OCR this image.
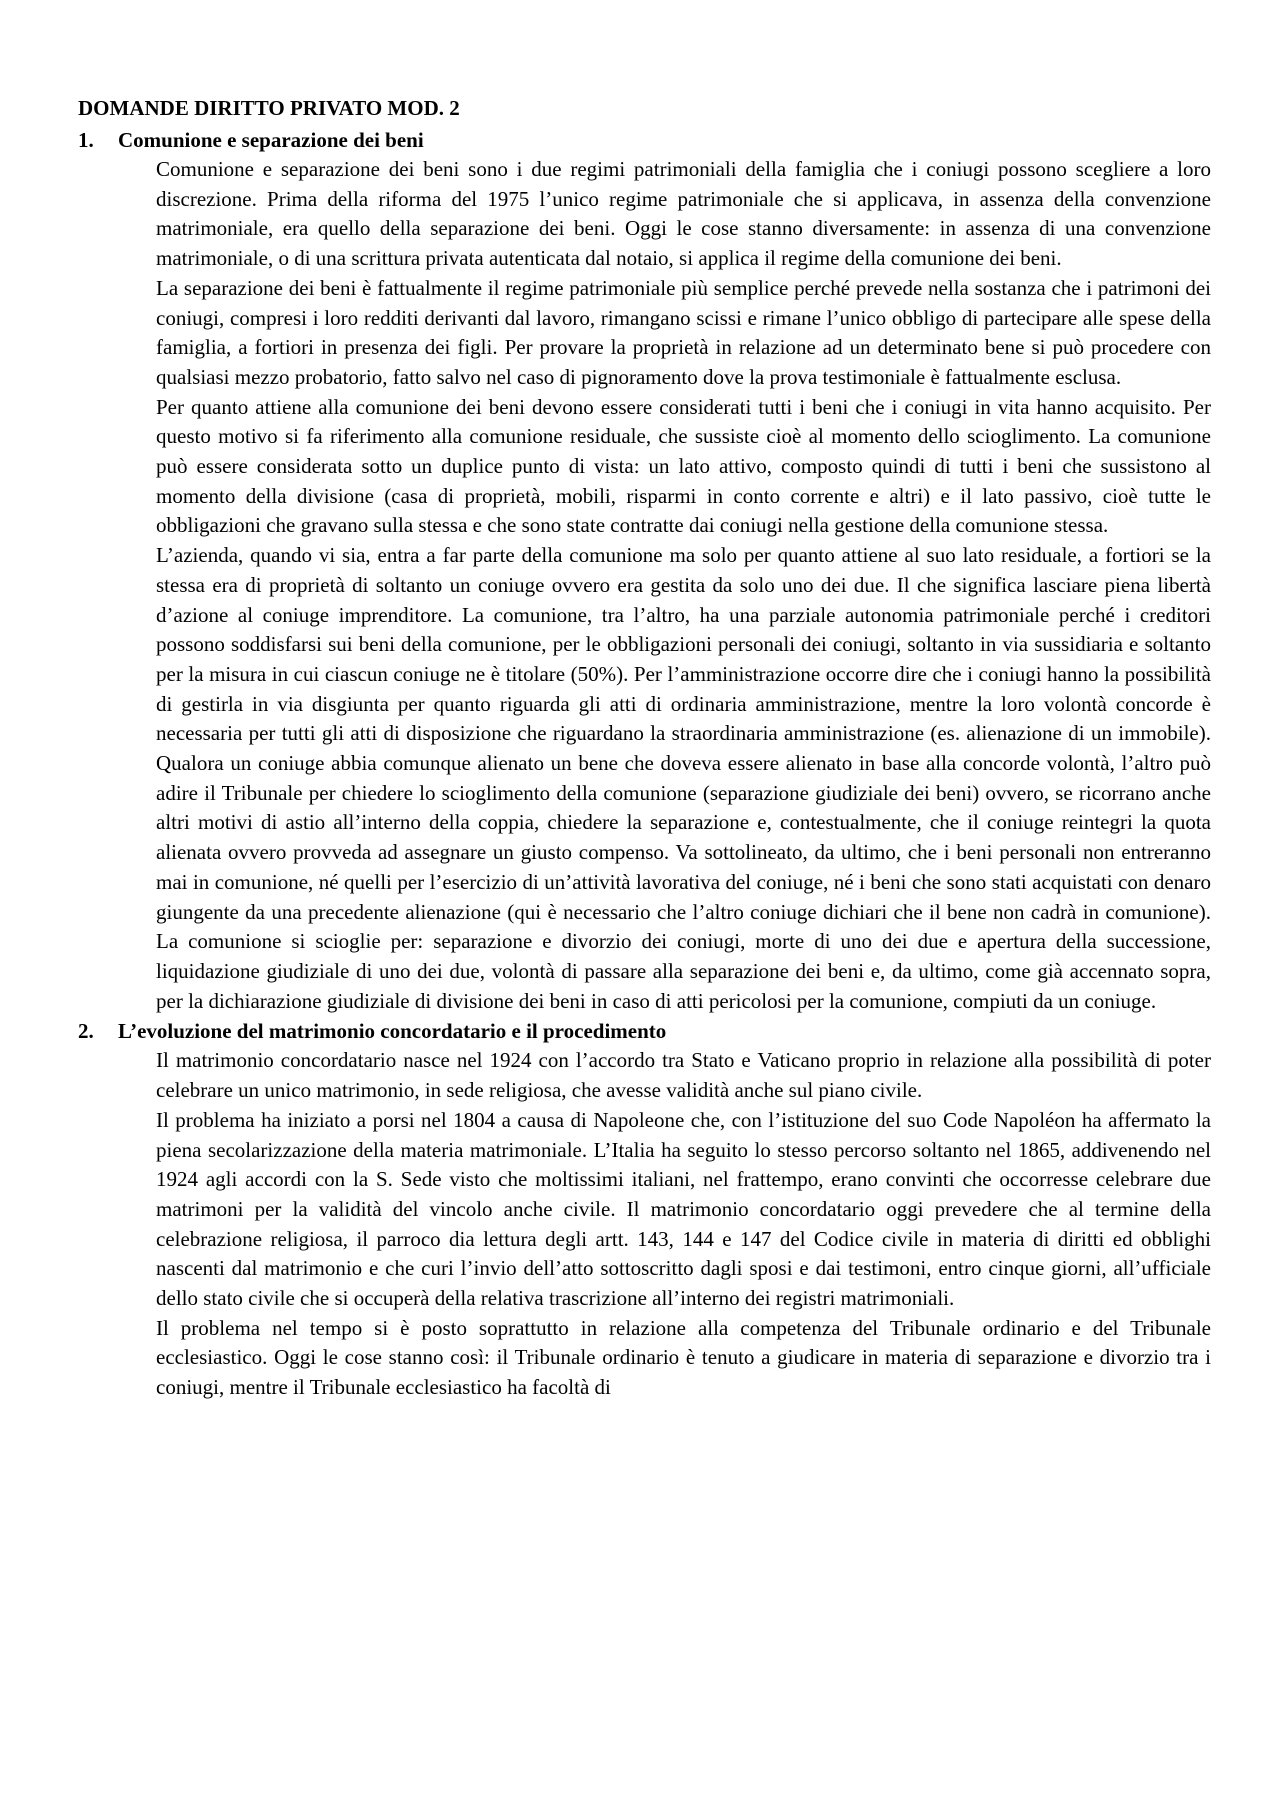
DOMANDE DIRITTO PRIVATO MOD. 2
1.	Comunione e separazione dei beni

Comunione e separazione dei beni sono i due regimi patrimoniali della famiglia che i coniugi possono scegliere a loro discrezione. Prima della riforma del 1975 l’unico regime patrimoniale che si applicava, in assenza della convenzione matrimoniale, era quello della separazione dei beni. Oggi le cose stanno diversamente: in assenza di una convenzione matrimoniale, o di una scrittura privata autenticata dal notaio, si applica il regime della comunione dei beni.

La separazione dei beni è fattualmente il regime patrimoniale più semplice perché prevede nella sostanza che i patrimoni dei coniugi, compresi i loro redditi derivanti dal lavoro, rimangano scissi e rimane l’unico obbligo di partecipare alle spese della famiglia, a fortiori in presenza dei figli. Per provare la proprietà in relazione ad un determinato bene si può procedere con qualsiasi mezzo probatorio, fatto salvo nel caso di pignoramento dove la prova testimoniale è fattualmente esclusa.

Per quanto attiene alla comunione dei beni devono essere considerati tutti i beni che i coniugi in vita hanno acquisito. Per questo motivo si fa riferimento alla comunione residuale, che sussiste cioè al momento dello scioglimento. La comunione può essere considerata sotto un duplice punto di vista: un lato attivo, composto quindi di tutti i beni che sussistono al momento della divisione (casa di proprietà, mobili, risparmi in conto corrente e altri) e il lato passivo, cioè tutte le obbligazioni che gravano sulla stessa e che sono state contratte dai coniugi nella gestione della comunione stessa.

L’azienda, quando vi sia, entra a far parte della comunione ma solo per quanto attiene al suo lato residuale, a fortiori se la stessa era di proprietà di soltanto un coniuge ovvero era gestita da solo uno dei due. Il che significa lasciare piena libertà d’azione al coniuge imprenditore. La comunione, tra l’altro, ha una parziale autonomia patrimoniale perché i creditori possono soddisfarsi sui beni della comunione, per le obbligazioni personali dei coniugi, soltanto in via sussidiaria e soltanto per la misura in cui ciascun coniuge ne è titolare (50%). Per l’amministrazione occorre dire che i coniugi hanno la possibilità di gestirla in via disgiunta per quanto riguarda gli atti di ordinaria amministrazione, mentre la loro volontà concorde è necessaria per tutti gli atti di disposizione che riguardano la straordinaria amministrazione (es. alienazione di un immobile). Qualora un coniuge abbia comunque alienato un bene che doveva essere alienato in base alla concorde volontà, l’altro può adire il Tribunale per chiedere lo scioglimento della comunione (separazione giudiziale dei beni) ovvero, se ricorrano anche altri motivi di astio all’interno della coppia, chiedere la separazione e, contestualmente, che il coniuge reintegri la quota alienata ovvero provveda ad assegnare un giusto compenso. Va sottolineato, da ultimo, che i beni personali non entreranno mai in comunione, né quelli per l’esercizio di un’attività lavorativa del coniuge, né i beni che sono stati acquistati con denaro giungente da una precedente alienazione (qui è necessario che l’altro coniuge dichiari che il bene non cadrà in comunione). La comunione si scioglie per: separazione e divorzio dei coniugi, morte di uno dei due e apertura della successione, liquidazione giudiziale di uno dei due, volontà di passare alla separazione dei beni e, da ultimo, come già accennato sopra, per la dichiarazione giudiziale di divisione dei beni in caso di atti pericolosi per la comunione, compiuti da un coniuge.

2.	L’evoluzione del matrimonio concordatario e il procedimento

Il matrimonio concordatario nasce nel 1924 con l’accordo tra Stato e Vaticano proprio in relazione alla possibilità di poter celebrare un unico matrimonio, in sede religiosa, che avesse validità anche sul piano civile.

Il problema ha iniziato a porsi nel 1804 a causa di Napoleone che, con l’istituzione del suo Code Napoléon ha affermato la piena secolarizzazione della materia matrimoniale. L’Italia ha seguito lo stesso percorso soltanto nel 1865, addivenendo nel 1924 agli accordi con la S. Sede visto che moltissimi italiani, nel frattempo, erano convinti che occorresse celebrare due matrimoni per la validità del vincolo anche civile. Il matrimonio concordatario oggi prevedere che al termine della celebrazione religiosa, il parroco dia lettura degli artt. 143, 144 e 147 del Codice civile in materia di diritti ed obblighi nascenti dal matrimonio e che curi l’invio dell’atto sottoscritto dagli sposi e dai testimoni, entro cinque giorni, all’ufficiale dello stato civile che si occuperà della relativa trascrizione all’interno dei registri matrimoniali.

Il problema nel tempo si è posto soprattutto in relazione alla competenza del Tribunale ordinario e del Tribunale ecclesiastico. Oggi le cose stanno così: il Tribunale ordinario è tenuto a giudicare in materia di separazione e divorzio tra i coniugi, mentre il Tribunale ecclesiastico ha facoltà di
